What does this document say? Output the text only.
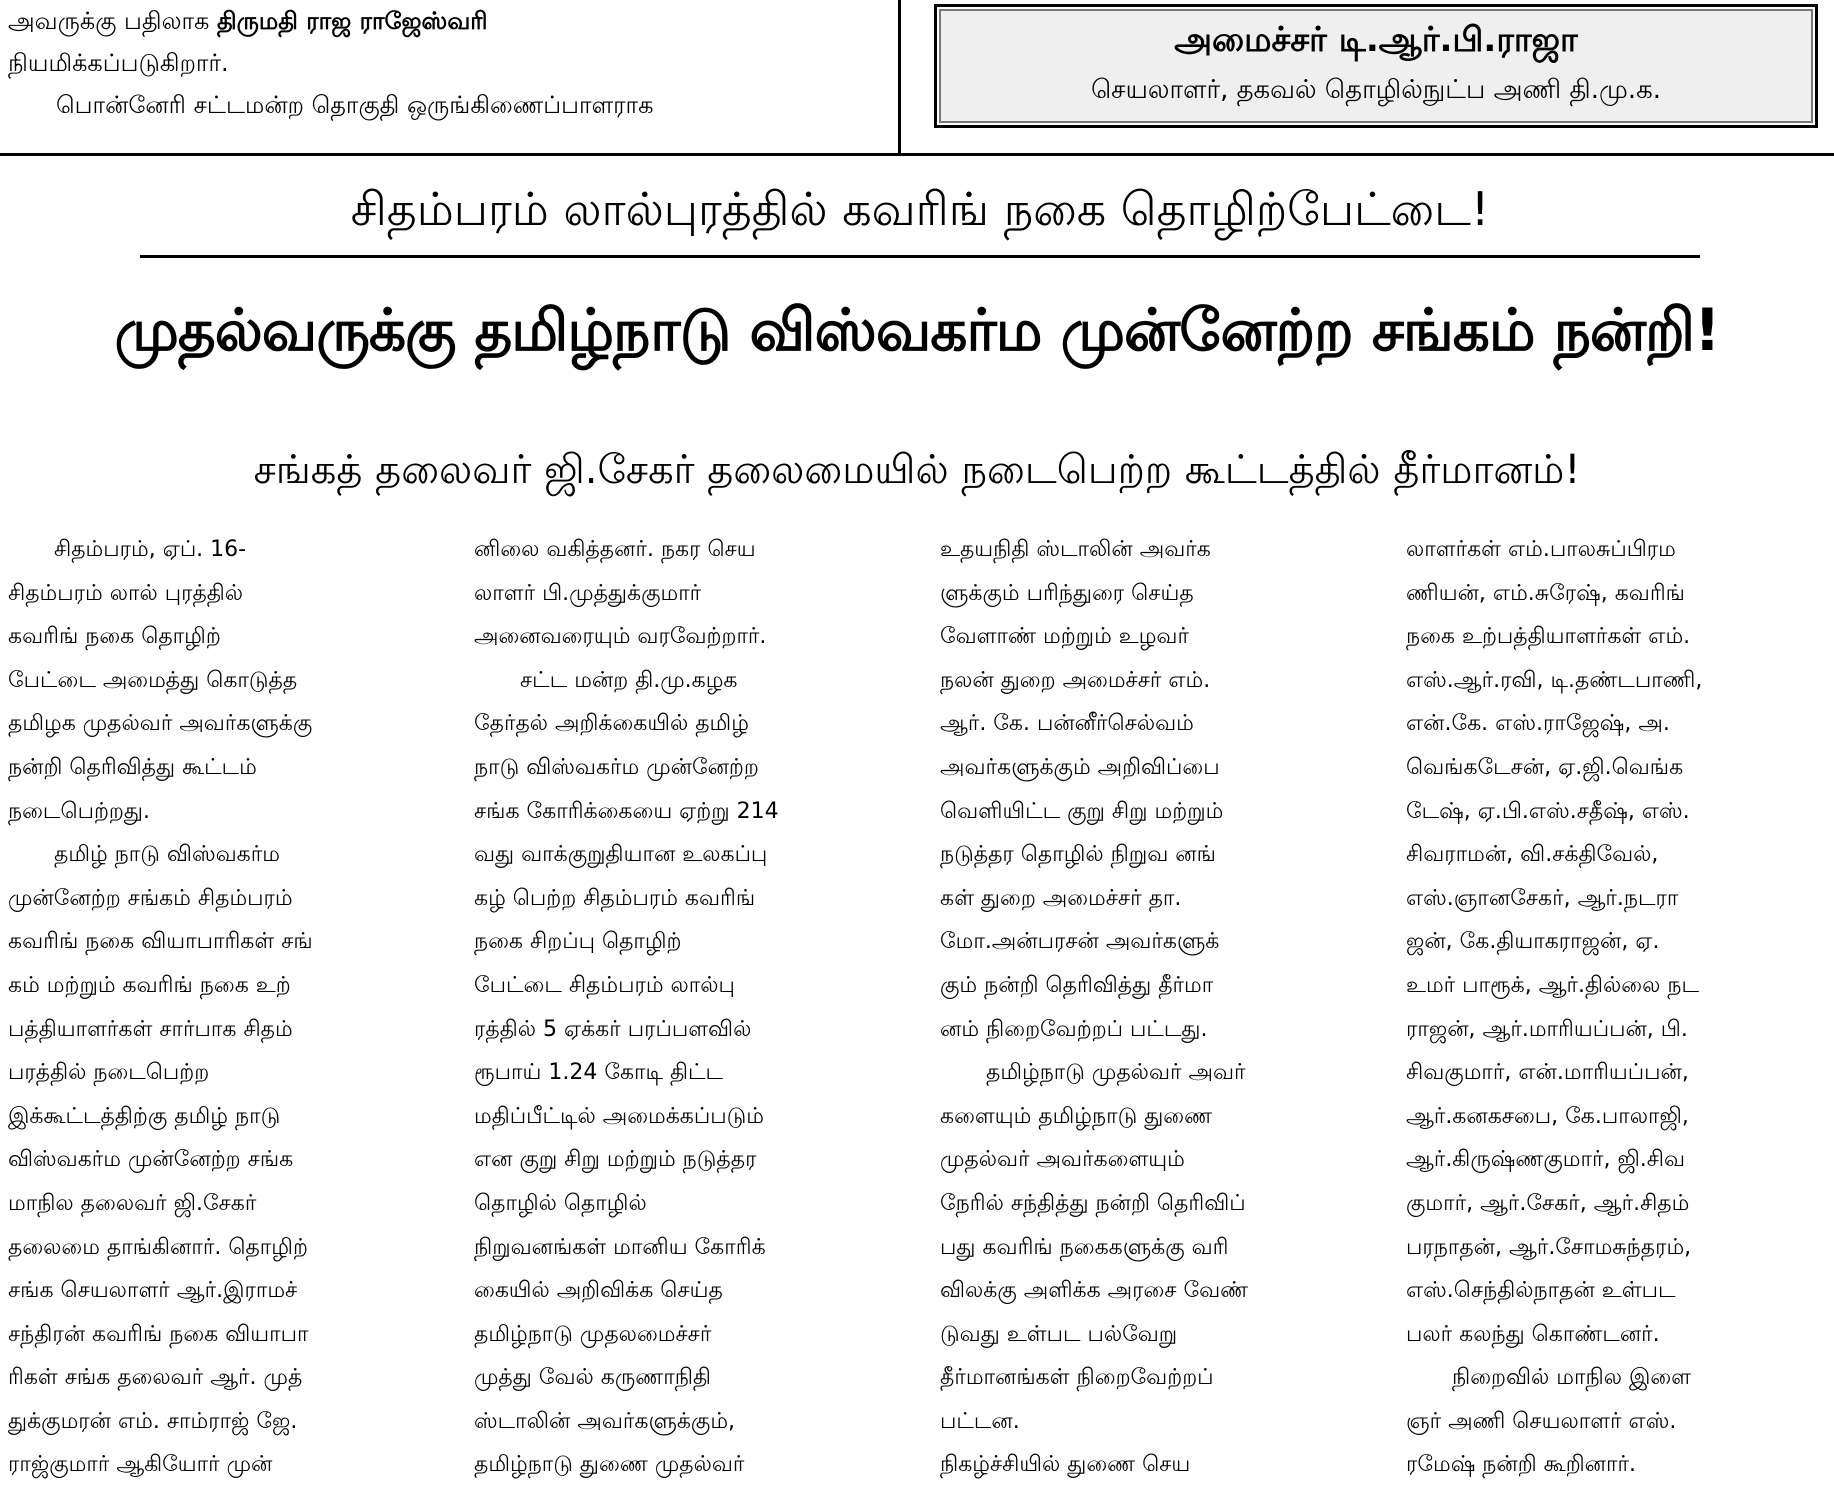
அவருக்கு பதிலாக திருமதி ராஜ ராஜேஸ்வரி
நியமிக்கப்படுகிறார்.
பொன்னேரி சட்டமன்ற தொகுதி ஒருங்கிணைப்பாளராக
அமைச்சர் டி.ஆர்.பி.ராஜா
செயலாளர், தகவல் தொழில்நுட்ப அணி தி.மு.க.
சிதம்பரம் லால்புரத்தில் கவரிங் நகை தொழிற்பேட்டை!
முதல்வருக்கு தமிழ்நாடு விஸ்வகர்ம முன்னேற்ற சங்கம் நன்றி!
சங்கத் தலைவர் ஜி.சேகர் தலைமையில் நடைபெற்ற கூட்டத்தில் தீர்மானம்!
சிதம்பரம், ஏப். 16-
சிதம்பரம் லால் புரத்தில்
கவரிங் நகை தொழிற்
பேட்டை அமைத்து கொடுத்த
தமிழக முதல்வர் அவர்களுக்கு
நன்றி தெரிவித்து கூட்டம்
நடைபெற்றது.
தமிழ் நாடு விஸ்வகர்ம
முன்னேற்ற சங்கம் சிதம்பரம்
கவரிங் நகை வியாபாரிகள் சங்
கம் மற்றும் கவரிங் நகை உற்
பத்தியாளர்கள் சார்பாக சிதம்
பரத்தில் நடைபெற்ற
இக்கூட்டத்திற்கு தமிழ் நாடு
விஸ்வகர்ம முன்னேற்ற சங்க
மாநில தலைவர் ஜி.சேகர்
தலைமை தாங்கினார். தொழிற்
சங்க செயலாளர் ஆர்.இராமச்
சந்திரன் கவரிங் நகை வியாபா
ரிகள் சங்க தலைவர் ஆர். முத்
துக்குமரன் எம். சாம்ராஜ் ஜே.
ராஜ்குமார் ஆகியோர் முன்
னிலை வகித்தனர். நகர செய
லாளர் பி.முத்துக்குமார்
அனைவரையும் வரவேற்றார்.
சட்ட மன்ற தி.மு.கழக
தேர்தல் அறிக்கையில் தமிழ்
நாடு விஸ்வகர்ம முன்னேற்ற
சங்க கோரிக்கையை ஏற்று 214
வது வாக்குறுதியான உலகப்பு
கழ் பெற்ற சிதம்பரம் கவரிங்
நகை சிறப்பு தொழிற்
பேட்டை சிதம்பரம் லால்பு
ரத்தில் 5 ஏக்கர் பரப்பளவில்
ரூபாய் 1.24 கோடி திட்ட
மதிப்பீட்டில் அமைக்கப்படும்
என குறு சிறு மற்றும் நடுத்தர
தொழில் தொழில்
நிறுவனங்கள் மானிய கோரிக்
கையில் அறிவிக்க செய்த
தமிழ்நாடு முதலமைச்சர்
முத்து வேல் கருணாநிதி
ஸ்டாலின் அவர்களுக்கும்,
தமிழ்நாடு துணை முதல்வர்
உதயநிதி ஸ்டாலின் அவர்க
ளுக்கும் பரிந்துரை செய்த
வேளாண் மற்றும் உழவர்
நலன் துறை அமைச்சர் எம்.
ஆர். கே. பன்னீர்செல்வம்
அவர்களுக்கும் அறிவிப்பை
வெளியிட்ட குறு சிறு மற்றும்
நடுத்தர தொழில் நிறுவ னங்
கள் துறை அமைச்சர் தா.
மோ.அன்பரசன் அவர்களுக்
கும் நன்றி தெரிவித்து தீர்மா
னம் நிறைவேற்றப் பட்டது.
தமிழ்நாடு முதல்வர் அவர்
களையும் தமிழ்நாடு துணை
முதல்வர் அவர்களையும்
நேரில் சந்தித்து நன்றி தெரிவிப்
பது கவரிங் நகைகளுக்கு வரி
விலக்கு அளிக்க அரசை வேண்
டுவது உள்பட பல்வேறு
தீர்மானங்கள் நிறைவேற்றப்
பட்டன.
நிகழ்ச்சியில் துணை செய
லாளர்கள் எம்.பாலசுப்பிரம
ணியன், எம்.சுரேஷ், கவரிங்
நகை உற்பத்தியாளர்கள் எம்.
எஸ்.ஆர்.ரவி, டி.தண்டபாணி,
என்.கே. எஸ்.ராஜேஷ், அ.
வெங்கடேசன், ஏ.ஜி.வெங்க
டேஷ், ஏ.பி.எஸ்.சதீஷ், எஸ்.
சிவராமன், வி.சக்திவேல்,
எஸ்.ஞானசேகர், ஆர்.நடரா
ஜன், கே.தியாகராஜன், ஏ.
உமர் பாரூக், ஆர்.தில்லை நட
ராஜன், ஆர்.மாரியப்பன், பி.
சிவகுமார், என்.மாரியப்பன்,
ஆர்.கனகசபை, கே.பாலாஜி,
ஆர்.கிருஷ்ணகுமார், ஜி.சிவ
குமார், ஆர்.சேகர், ஆர்.சிதம்
பரநாதன், ஆர்.சோமசுந்தரம்,
எஸ்.செந்தில்நாதன் உள்பட
பலர் கலந்து கொண்டனர்.
நிறைவில் மாநில இளை
ஞர் அணி செயலாளர் எஸ்.
ரமேஷ் நன்றி கூறினார்.
